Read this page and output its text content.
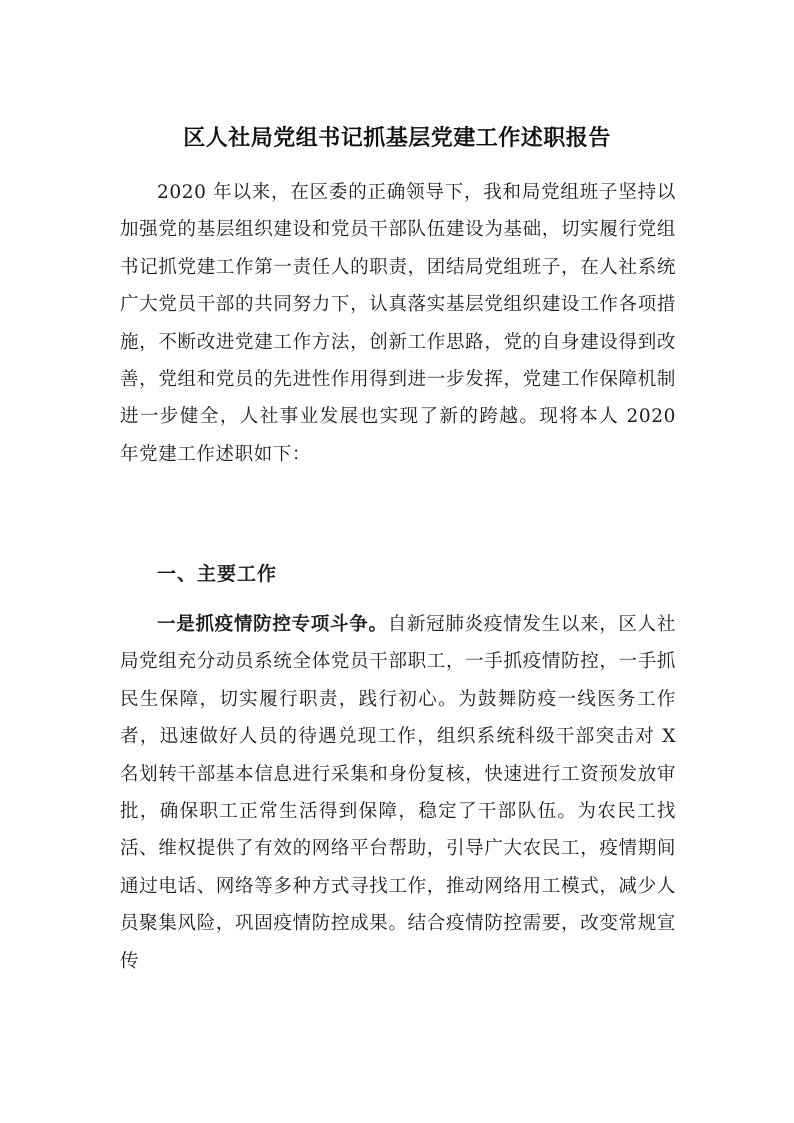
区人社局党组书记抓基层党建工作述职报告

2020 年以来，在区委的正确领导下，我和局党组班子坚持以加强党的基层组织建设和党员干部队伍建设为基础，切实履行党组书记抓党建工作第一责任人的职责，团结局党组班子，在人社系统广大党员干部的共同努力下，认真落实基层党组织建设工作各项措施，不断改进党建工作方法，创新工作思路，党的自身建设得到改善，党组和党员的先进性作用得到进一步发挥，党建工作保障机制进一步健全，人社事业发展也实现了新的跨越。现将本人 2020 年党建工作述职如下：

一、主要工作

一是抓疫情防控专项斗争。自新冠肺炎疫情发生以来，区人社局党组充分动员系统全体党员干部职工，一手抓疫情防控，一手抓民生保障，切实履行职责，践行初心。为鼓舞防疫一线医务工作者，迅速做好人员的待遇兑现工作，组织系统科级干部突击对 X 名划转干部基本信息进行采集和身份复核，快速进行工资预发放审批，确保职工正常生活得到保障，稳定了干部队伍。为农民工找活、维权提供了有效的网络平台帮助，引导广大农民工，疫情期间通过电话、网络等多种方式寻找工作，推动网络用工模式，减少人员聚集风险，巩固疫情防控成果。结合疫情防控需要，改变常规宣传
